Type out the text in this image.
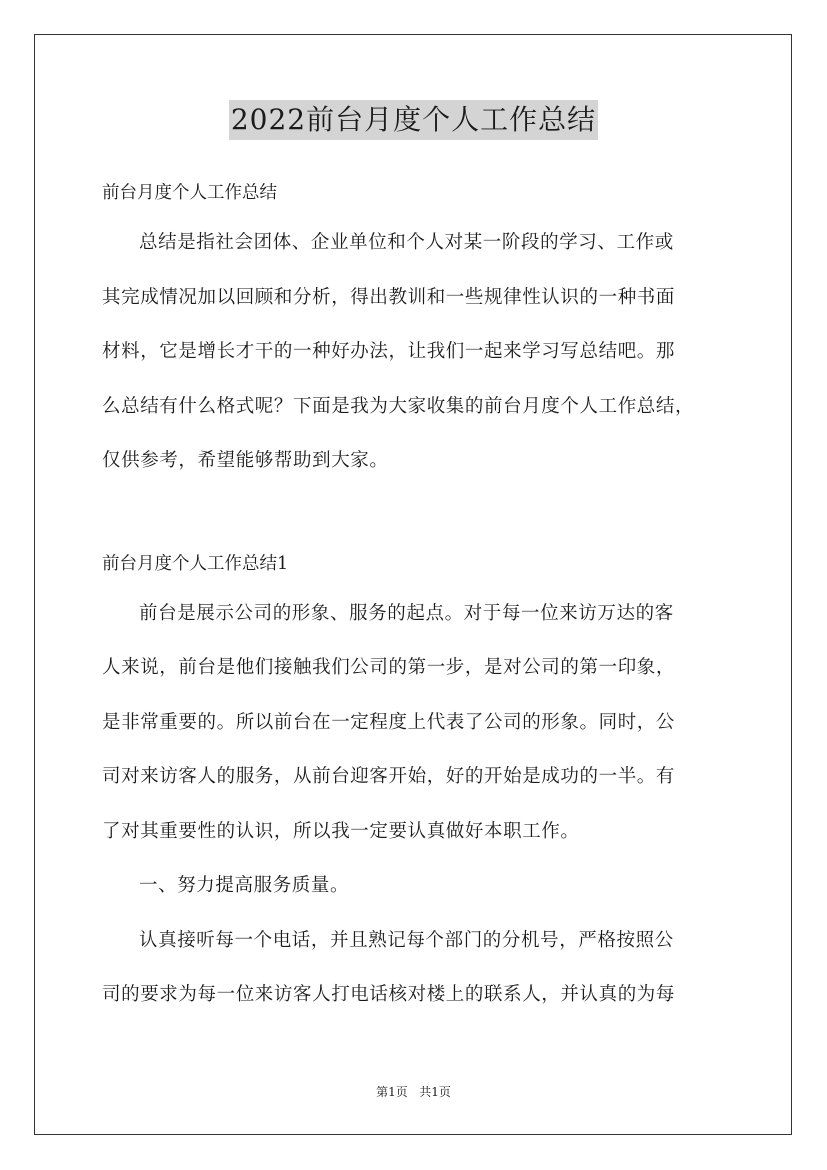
2022前台月度个人工作总结
前台月度个人工作总结
总结是指社会团体、企业单位和个人对某一阶段的学习、工作或
其完成情况加以回顾和分析，得出教训和一些规律性认识的一种书面
材料，它是增长才干的一种好办法，让我们一起来学习写总结吧。那
么总结有什么格式呢？下面是我为大家收集的前台月度个人工作总结，
仅供参考，希望能够帮助到大家。
前台月度个人工作总结1
前台是展示公司的形象、服务的起点。对于每一位来访万达的客
人来说，前台是他们接触我们公司的第一步，是对公司的第一印象，
是非常重要的。所以前台在一定程度上代表了公司的形象。同时，公
司对来访客人的服务，从前台迎客开始，好的开始是成功的一半。有
了对其重要性的认识，所以我一定要认真做好本职工作。
一、努力提高服务质量。
认真接听每一个电话，并且熟记每个部门的分机号，严格按照公
司的要求为每一位来访客人打电话核对楼上的联系人，并认真的为每
第1页   共1页
